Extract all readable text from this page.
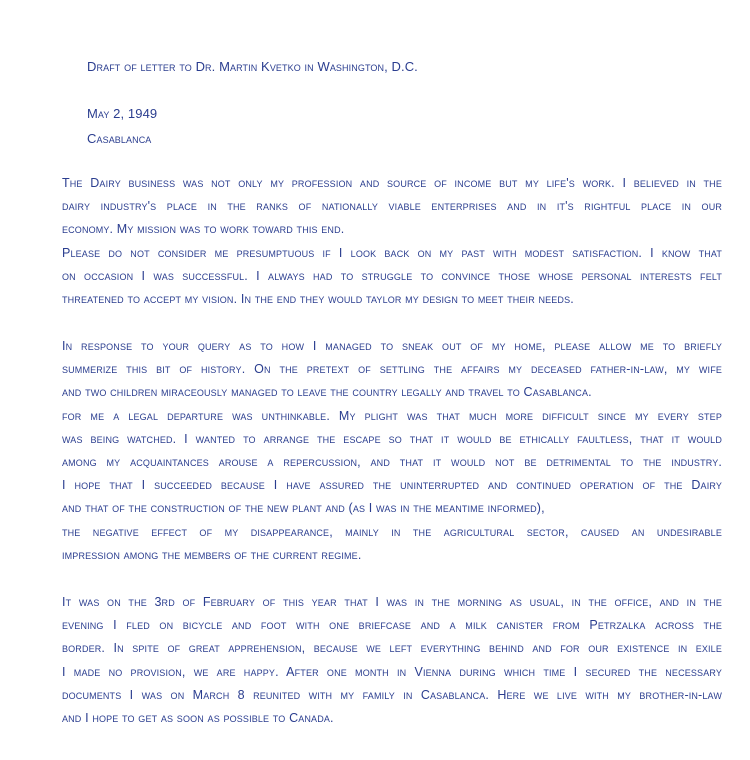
Draft of letter to Dr. Martin Kvetko in Washington, D.C.
May 2, 1949
Casablanca

The Dairy business was not only my profession and source of income but my life's work. I believed in the

dairy industry's place in the ranks of nationally viable enterprises and in it's rightful place in our

economy. My mission was to work toward this end.

Please do not consider me presumptuous if I look back on my past with modest satisfaction. I know that

on occasion I was successful. I always had to struggle to convince those whose personal interests felt

threatened to accept my vision. In the end they would taylor my design to meet their needs.

In response to your query as to how I managed to sneak out of my home, please allow me to briefly

summerize this bit of history. On the pretext of settling the affairs my deceased father-in-law, my wife

and two children miraceously managed to leave the country legally and travel to Casablanca.

for me a legal departure was unthinkable. My plight was that much more difficult since my every step

was being watched. I wanted to arrange the escape so that it would be ethically faultless, that it would

among my acquaintances arouse a repercussion, and that it would not be detrimental to the industry.

I hope that I succeeded because I have assured the uninterrupted and continued operation of the Dairy

and that of the construction of the new plant and (as I was in the meantime informed),

the negative effect of my disappearance, mainly in the agricultural sector, caused an undesirable

impression among the members of the current regime.

It was on the 3rd of February of this year that I was in the morning as usual, in the office, and in the

evening I fled on bicycle and foot with one briefcase and a milk canister from Petrzalka across the

border. In spite of great apprehension, because we left everything behind and for our existence in exile

I made no provision, we are happy. After one month in Vienna during which time I secured the necessary

documents I was on March 8 reunited with my family in Casablanca. Here we live with my brother-in-law

and I hope to get as soon as possible to Canada.
